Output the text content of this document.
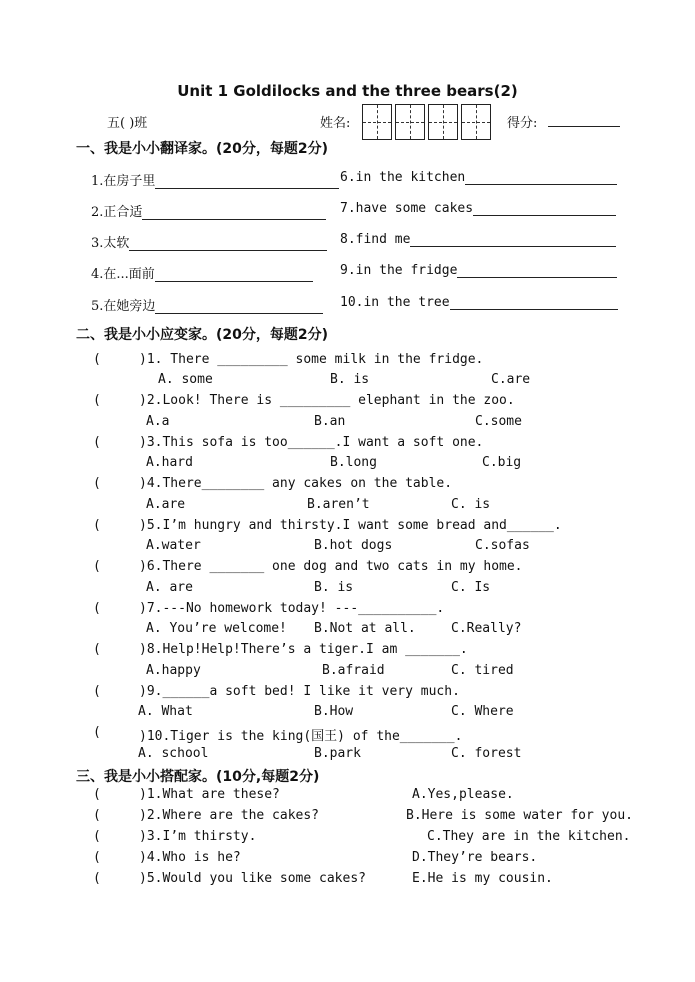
Unit 1 Goldilocks and the three bears(2)
五( )班	姓名:	得分:
一、我是小小翻译家。(20分，每题2分)
1.在房子里	6.in the kitchen
2.正合适	7.have some cakes
3.太软	8.find me
4.在...面前	9.in the fridge
5.在她旁边	10.in the tree
二、我是小小应变家。(20分，每题2分)
(	)1. There _________ some milk in the fridge.
A. some	B. is	C.are
(	)2.Look! There is _________ elephant in the zoo.
A.a	B.an	C.some
(	)3.This sofa is too______.I want a soft one.
A.hard	B.long	C.big
(	)4.There________ any cakes on the table.
A.are	B.aren’t	C. is
(	)5.I’m hungry and thirsty.I want some bread and______.
A.water	B.hot dogs	C.sofas
(	)6.There _______ one dog and two cats in my home.
A. are	B. is	C. Is
(	)7.---No homework today! ---__________.
A. You’re welcome! B.Not at all.	C.Really?
(	)8.Help!Help!There’s a tiger.I am _______.
A.happy	B.afraid	C. tired
(	)9.______a soft bed! I like it very much.
A. What	B.How	C. Where
(	)10.Tiger is the king(国王) of the_______.
A. school	B.park	C. forest
三、我是小小搭配家。(10分,每题2分)
(	)1.What are these?	A.Yes,please.
(	)2.Where are the cakes?	B.Here is some water for you.
(	)3.I’m thirsty.	C.They are in the kitchen.
(	)4.Who is he?	D.They’re bears.
(	)5.Would you like some cakes?	E.He is my cousin.
